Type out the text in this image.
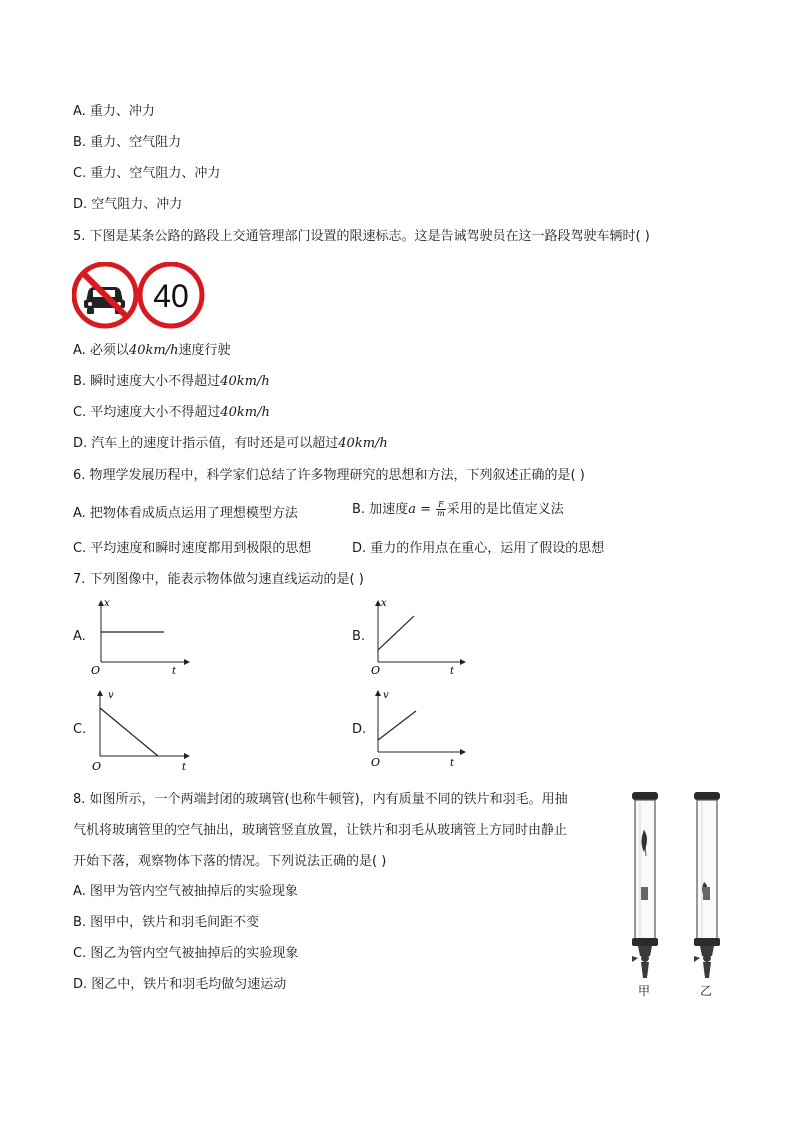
A. 重力、冲力
B. 重力、空气阻力
C. 重力、空气阻力、冲力
D. 空气阻力、冲力
5. 下图是某条公路的路段上交通管理部门设置的限速标志。这是告诫驾驶员在这一路段驾驶车辆时( )
40
A. 必须以40km/h速度行驶
B. 瞬时速度大小不得超过40km/h
C. 平均速度大小不得超过40km/h
D. 汽车上的速度计指示值，有时还是可以超过40km/h
6. 物理学发展历程中，科学家们总结了许多物理研究的思想和方法，下列叙述正确的是( )
A. 把物体看成质点运用了理想模型方法	B. 加速度$a = \frac{F}{m}$ 采用的是比值定义法
C. 平均速度和瞬时速度都用到极限的思想	D. 重力的作用点在重心，运用了假设的思想
7. 下列图像中，能表示物体做匀速直线运动的是( )
A.
x
O	t
B.
x
O	t
C.
v
O	t
D.
v
O	t
8. 如图所示，一个两端封闭的玻璃管(也称牛顿管)，内有质量不同的铁片和羽毛。用抽
气机将玻璃管里的空气抽出，玻璃管竖直放置，让铁片和羽毛从玻璃管上方同时由静止
开始下落，观察物体下落的情况。下列说法正确的是( )
A. 图甲为管内空气被抽掉后的实验现象
B. 图甲中，铁片和羽毛间距不变
C. 图乙为管内空气被抽掉后的实验现象
D. 图乙中，铁片和羽毛均做匀速运动	甲	乙
